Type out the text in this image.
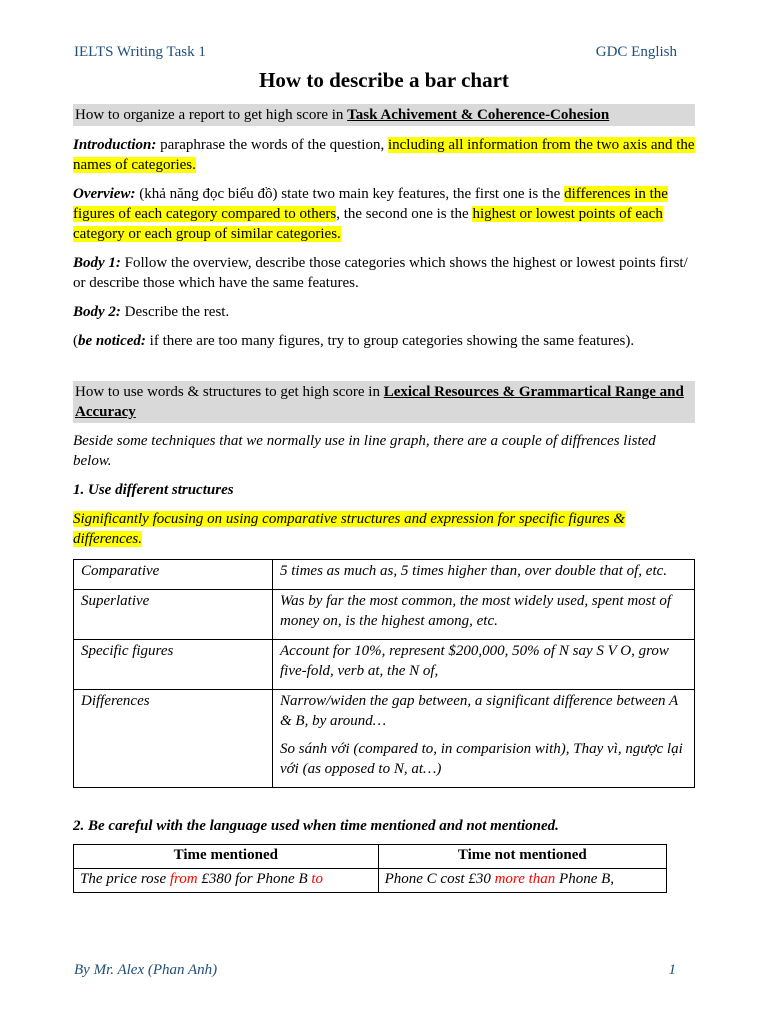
IELTS Writing Task 1	GDC English
How to describe a bar chart
How to organize a report to get high score in Task Achivement & Coherence-Cohesion

Introduction: paraphrase the words of the question, including all information from the two axis and the names of categories.

Overview: (khả năng đọc biểu đồ) state two main key features, the first one is the differences in the figures of each category compared to others, the second one is the highest or lowest points of each category or each group of similar categories.

Body 1: Follow the overview, describe those categories which shows the highest or lowest points first/ or describe those which have the same features.

Body 2: Describe the rest.

(be noticed: if there are too many figures, try to group categories showing the same features).

How to use words & structures to get high score in Lexical Resources & Grammartical Range and Accuracy

Beside some techniques that we normally use in line graph, there are a couple of diffrences listed below.

1. Use different structures

Significantly focusing on using comparative structures and expression for specific figures & differences.

Comparative	5 times as much as, 5 times higher than, over double that of, etc.
Superlative	Was by far the most common, the most widely used, spent most of money on, is the highest among, etc.
Specific figures	Account for 10%, represent $200,000, 50% of N say S V O, grow five-fold, verb at, the N of,
Differences	Narrow/widen the gap between, a significant difference between A & B, by around…
So sánh với (compared to, in comparision with), Thay vì, ngược lại với (as opposed to N, at…)

2. Be careful with the language used when time mentioned and not mentioned.

Time mentioned	Time not mentioned
The price rose from £380 for Phone B to	Phone C cost £30 more than Phone B,
By Mr. Alex (Phan Anh)	1
